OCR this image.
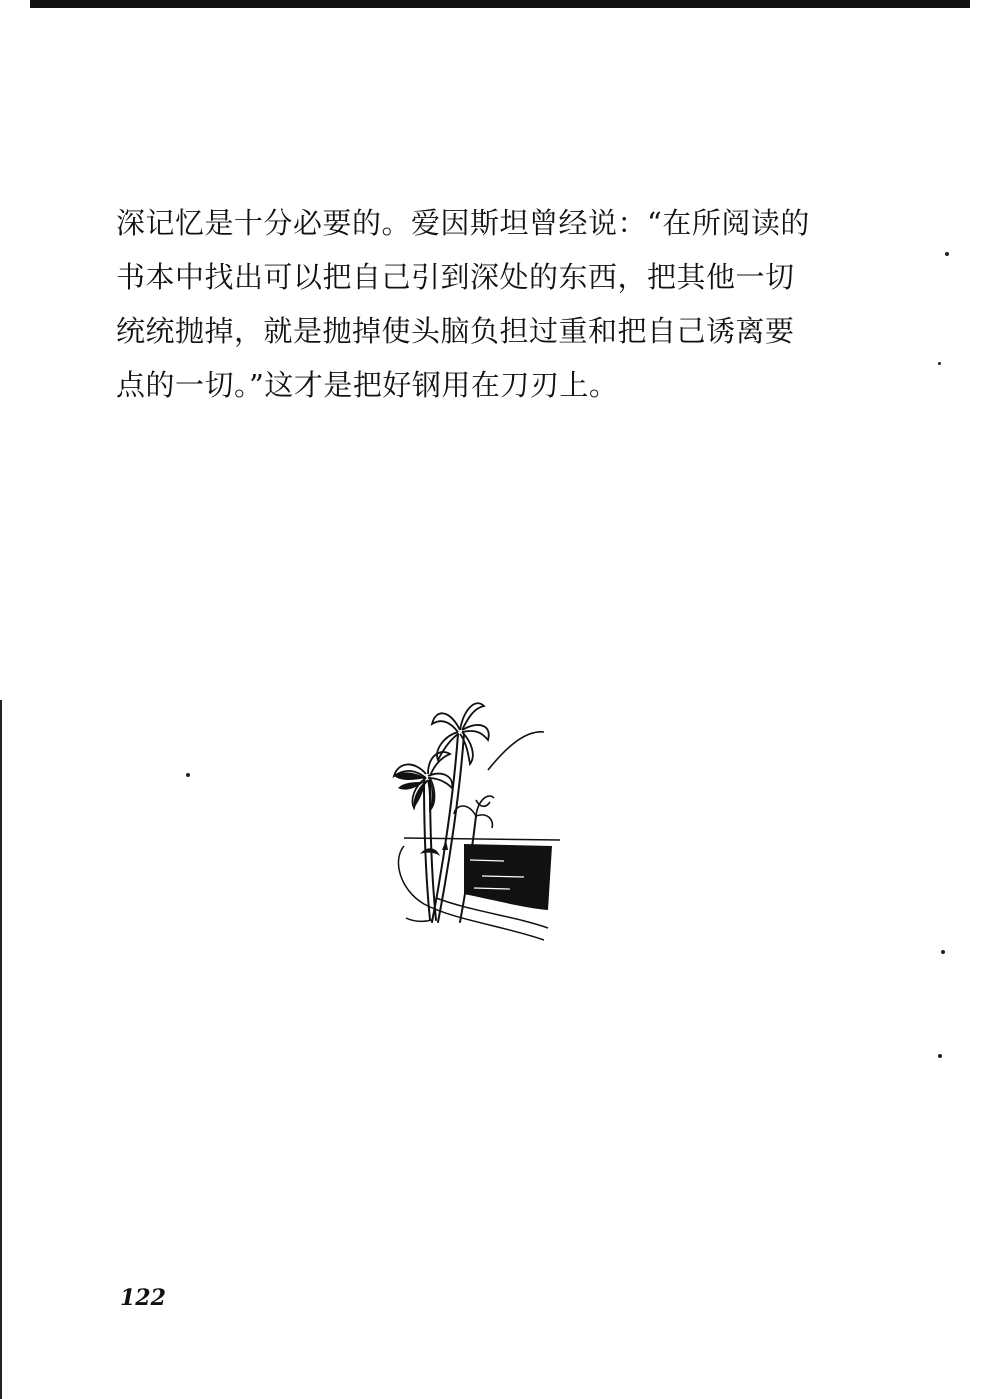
深记忆是十分必要的。爱因斯坦曾经说：“在所阅读的
书本中找出可以把自己引到深处的东西，把其他一切
统统抛掉，就是抛掉使头脑负担过重和把自己诱离要
点的一切。”这才是把好钢用在刀刃上。
122
